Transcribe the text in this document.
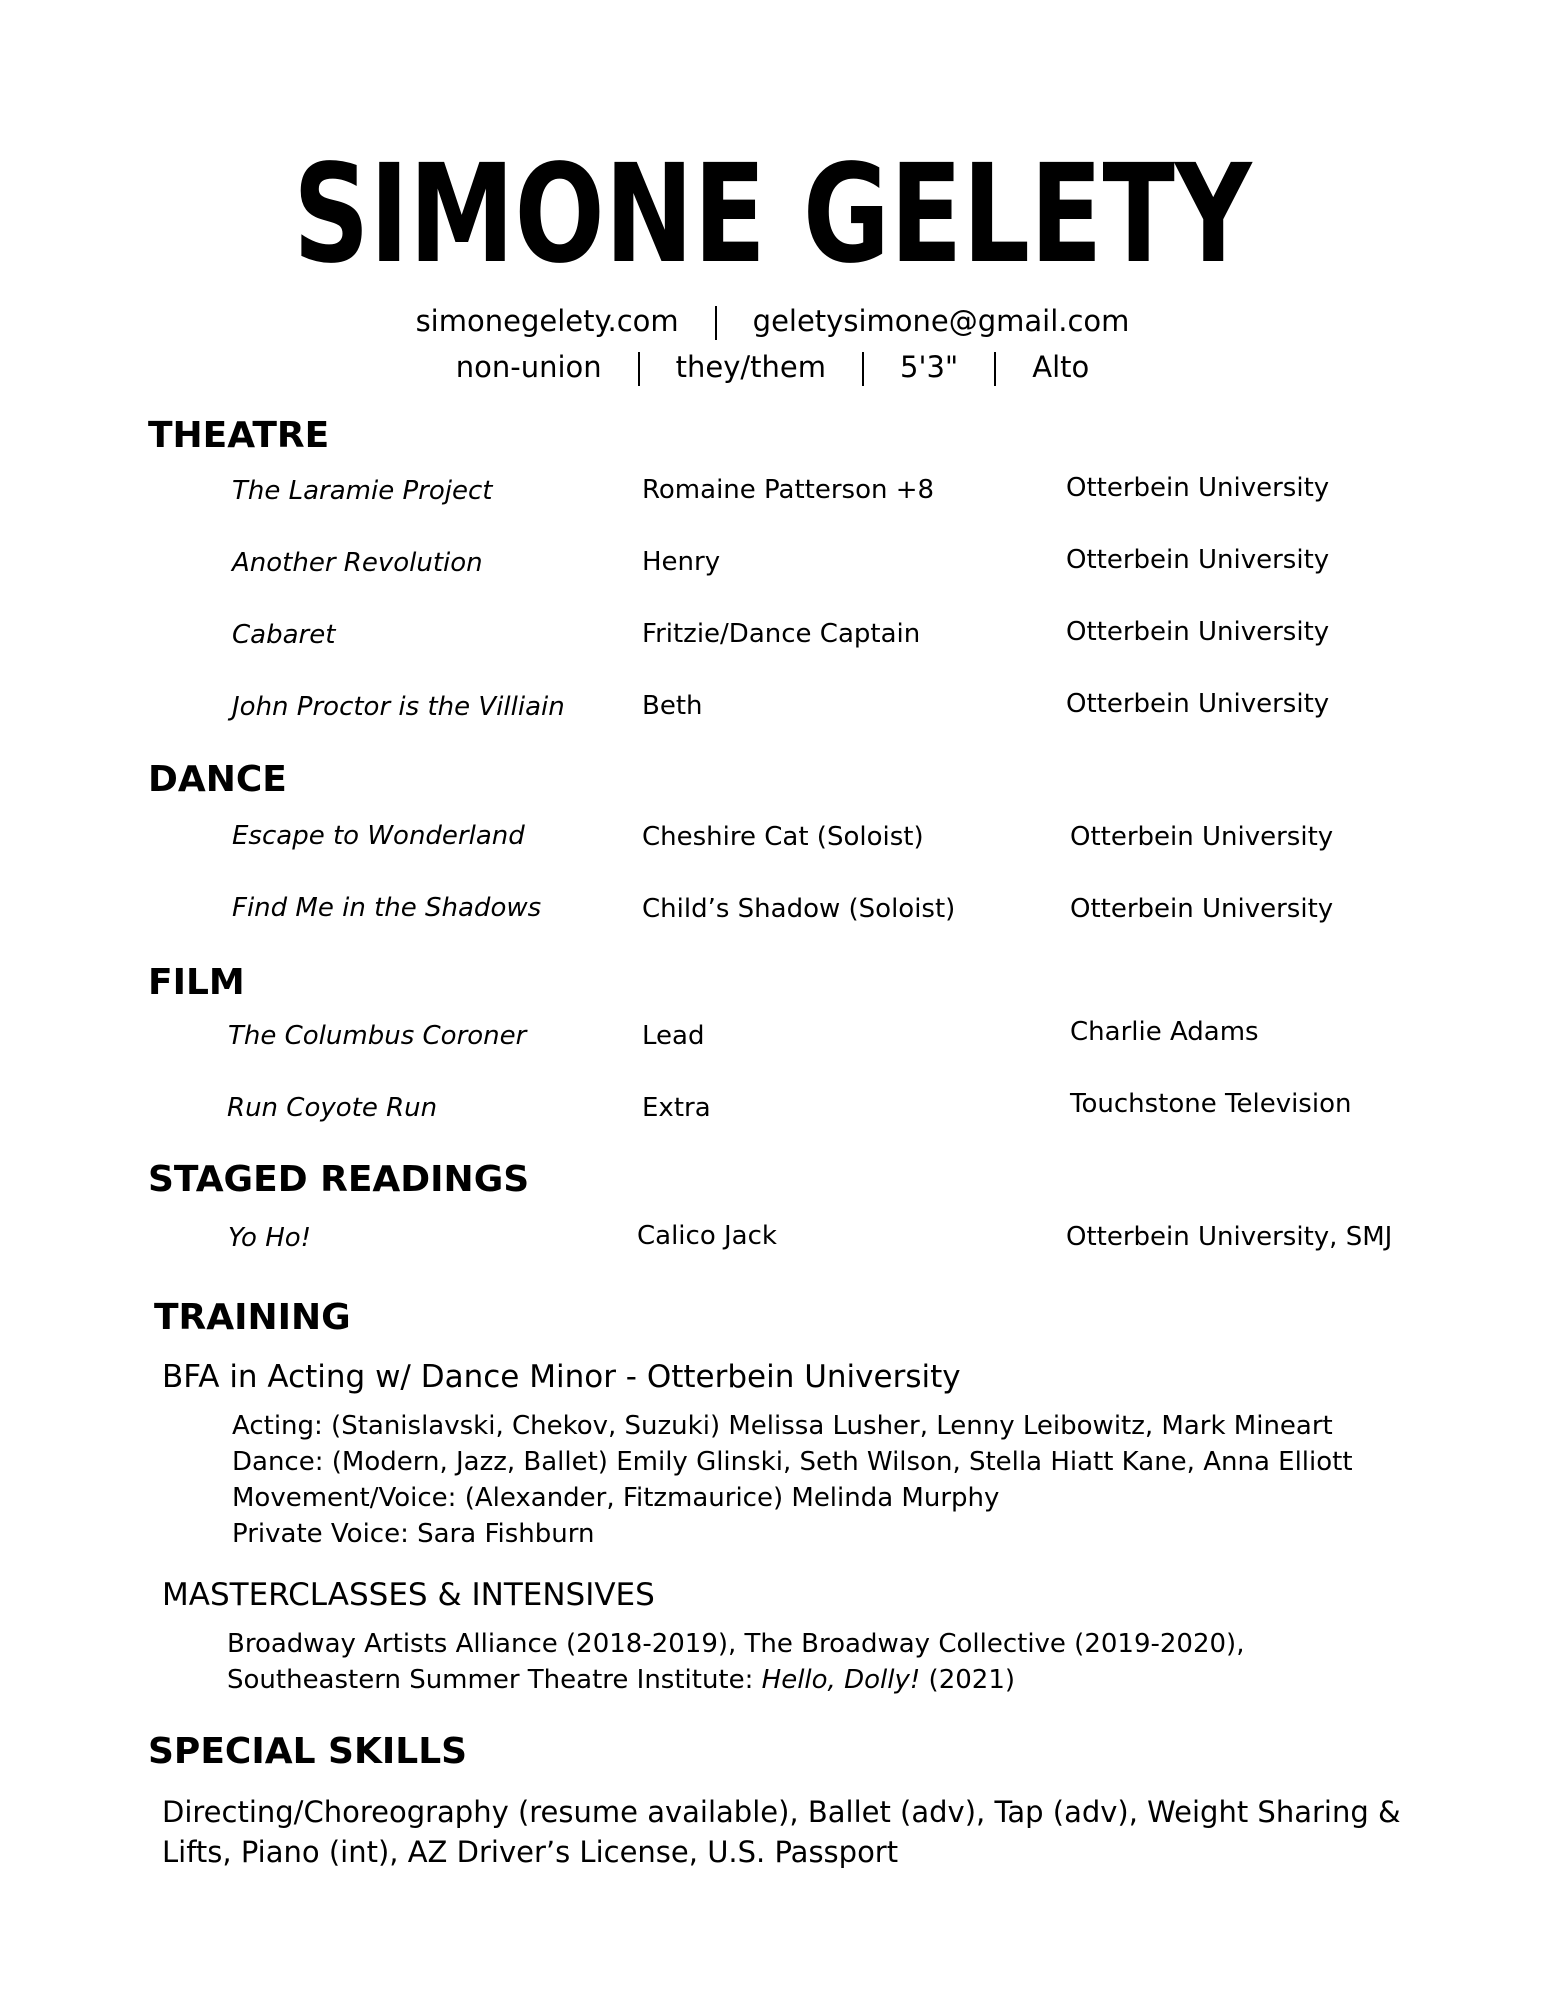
SIMONE GELETY
simonegelety.com	geletysimone@gmail.com
non-union	they/them	5'3"	Alto
THEATRE
The Laramie Project	Romaine Patterson +8	Otterbein University
Another Revolution	Henry	Otterbein University
Cabaret	Fritzie/Dance Captain	Otterbein University
John Proctor is the Villiain	Beth	Otterbein University
DANCE
Escape to Wonderland	Cheshire Cat (Soloist)	Otterbein University
Find Me in the Shadows	Child’s Shadow (Soloist)	Otterbein University
FILM
The Columbus Coroner	Lead	Charlie Adams
Run Coyote Run	Extra	Touchstone Television
STAGED READINGS
Yo Ho!	Calico Jack	Otterbein University, SMJ
TRAINING
BFA in Acting w/ Dance Minor - Otterbein University
Acting: (Stanislavski, Chekov, Suzuki) Melissa Lusher, Lenny Leibowitz, Mark Mineart
Dance: (Modern, Jazz, Ballet) Emily Glinski, Seth Wilson, Stella Hiatt Kane, Anna Elliott
Movement/Voice: (Alexander, Fitzmaurice) Melinda Murphy
Private Voice: Sara Fishburn
MASTERCLASSES & INTENSIVES
Broadway Artists Alliance (2018-2019), The Broadway Collective (2019-2020),
Southeastern Summer Theatre Institute: Hello, Dolly! (2021)
SPECIAL SKILLS
Directing/Choreography (resume available), Ballet (adv), Tap (adv), Weight Sharing & Lifts, Piano (int), AZ Driver’s License, U.S. Passport
